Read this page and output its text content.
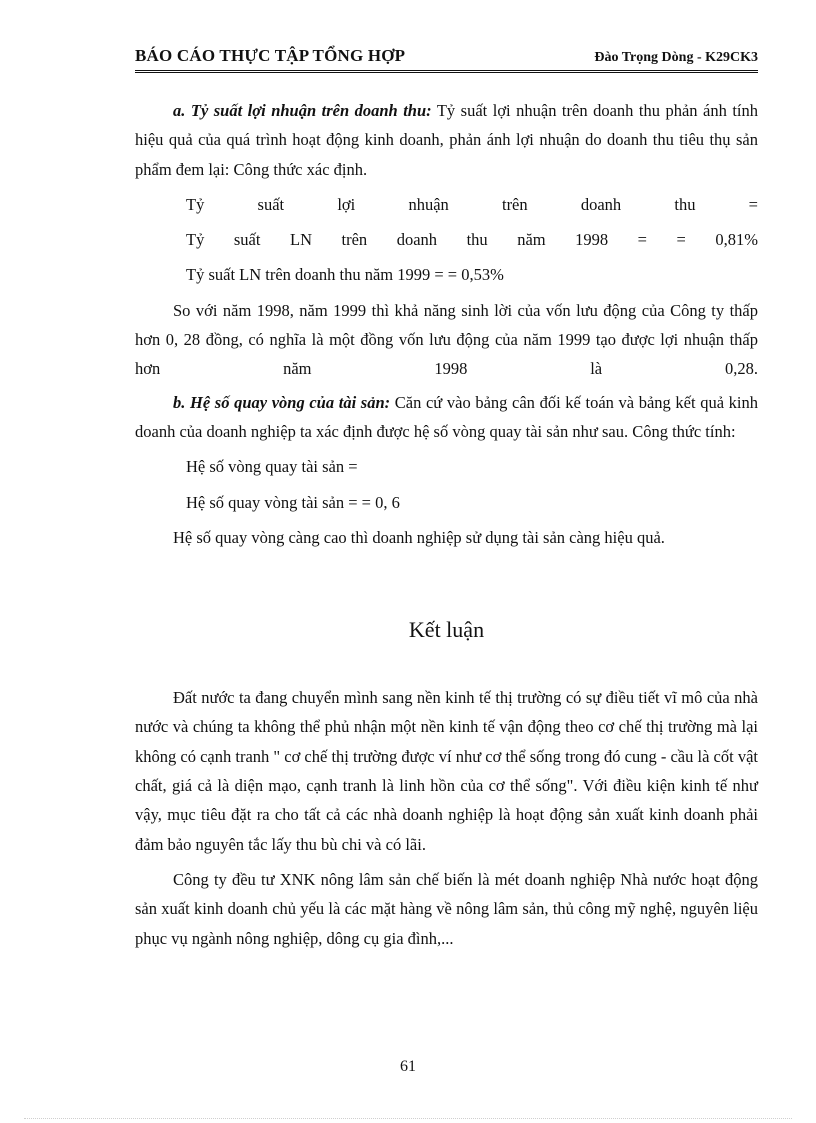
BÁO CÁO THỰC TẬP TỔNG HỢP	Đào Trọng Dòng - K29CK3

a. Tỷ suất lợi nhuận trên doanh thu: Tỷ suất lợi nhuận trên doanh thu phản ánh tính hiệu quả của quá trình hoạt động kinh doanh, phản ánh lợi nhuận do doanh thu tiêu thụ sản phẩm đem lại: Công thức xác định.

Tỷ suất lợi nhuận trên doanh thu =

Tỷ suất LN trên doanh thu năm 1998 = = 0,81%

Tỷ suất LN trên doanh thu năm 1999 = = 0,53%

So với năm 1998, năm 1999 thì khả năng sinh lời của vốn lưu động của Công ty thấp hơn 0, 28 đồng, có nghĩa là một đồng vốn lưu động của năm 1999 tạo được lợi nhuận thấp hơn năm 1998 là 0,28.

b. Hệ số quay vòng của tài sản: Căn cứ vào bảng cân đối kế toán và bảng kết quả kinh doanh của doanh nghiệp ta xác định được hệ số vòng quay tài sản như sau. Công thức tính:

Hệ số vòng quay tài sản =

Hệ số quay vòng tài sản = = 0, 6

Hệ số quay vòng càng cao thì doanh nghiệp sử dụng tài sản càng hiệu quả.

Kết luận

Đất nước ta đang chuyển mình sang nền kinh tế thị trường có sự điều tiết vĩ mô của nhà nước và chúng ta không thể phủ nhận một nền kinh tế vận động theo cơ chế thị trường mà lại không có cạnh tranh " cơ chế thị trường được ví như cơ thể sống trong đó cung - cầu là cốt vật chất, giá cả là diện mạo, cạnh tranh là linh hồn của cơ thể sống". Với điều kiện kinh tế như vậy, mục tiêu đặt ra cho tất cả các nhà doanh nghiệp là hoạt động sản xuất kinh doanh phải đảm bảo nguyên tắc lấy thu bù chi và có lãi.

Công ty đều tư XNK nông lâm sản chế biến là mét doanh nghiệp Nhà nước hoạt động sản xuất kinh doanh chủ yếu là các mặt hàng về nông lâm sản, thủ công mỹ nghệ, nguyên liệu phục vụ ngành nông nghiệp, dông cụ gia đình,...

61
